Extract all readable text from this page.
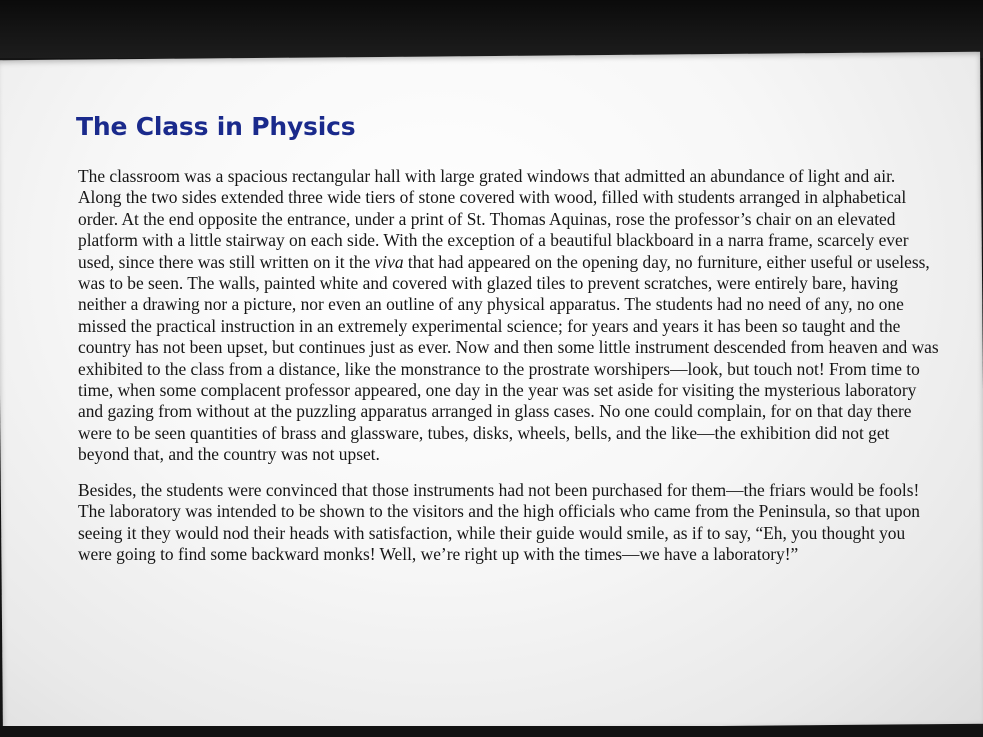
The Class in Physics

The classroom was a spacious rectangular hall with large grated windows that admitted an abundance of light and air.
Along the two sides extended three wide tiers of stone covered with wood, filled with students arranged in alphabetical
order. At the end opposite the entrance, under a print of St. Thomas Aquinas, rose the professor’s chair on an elevated
platform with a little stairway on each side. With the exception of a beautiful blackboard in a narra frame, scarcely ever
used, since there was still written on it the viva that had appeared on the opening day, no furniture, either useful or useless,
was to be seen. The walls, painted white and covered with glazed tiles to prevent scratches, were entirely bare, having
neither a drawing nor a picture, nor even an outline of any physical apparatus. The students had no need of any, no one
missed the practical instruction in an extremely experimental science; for years and years it has been so taught and the
country has not been upset, but continues just as ever. Now and then some little instrument descended from heaven and was
exhibited to the class from a distance, like the monstrance to the prostrate worshipers—look, but touch not! From time to
time, when some complacent professor appeared, one day in the year was set aside for visiting the mysterious laboratory
and gazing from without at the puzzling apparatus arranged in glass cases. No one could complain, for on that day there
were to be seen quantities of brass and glassware, tubes, disks, wheels, bells, and the like—the exhibition did not get
beyond that, and the country was not upset.

Besides, the students were convinced that those instruments had not been purchased for them—the friars would be fools!
The laboratory was intended to be shown to the visitors and the high officials who came from the Peninsula, so that upon
seeing it they would nod their heads with satisfaction, while their guide would smile, as if to say, “Eh, you thought you
were going to find some backward monks! Well, we’re right up with the times—we have a laboratory!”
